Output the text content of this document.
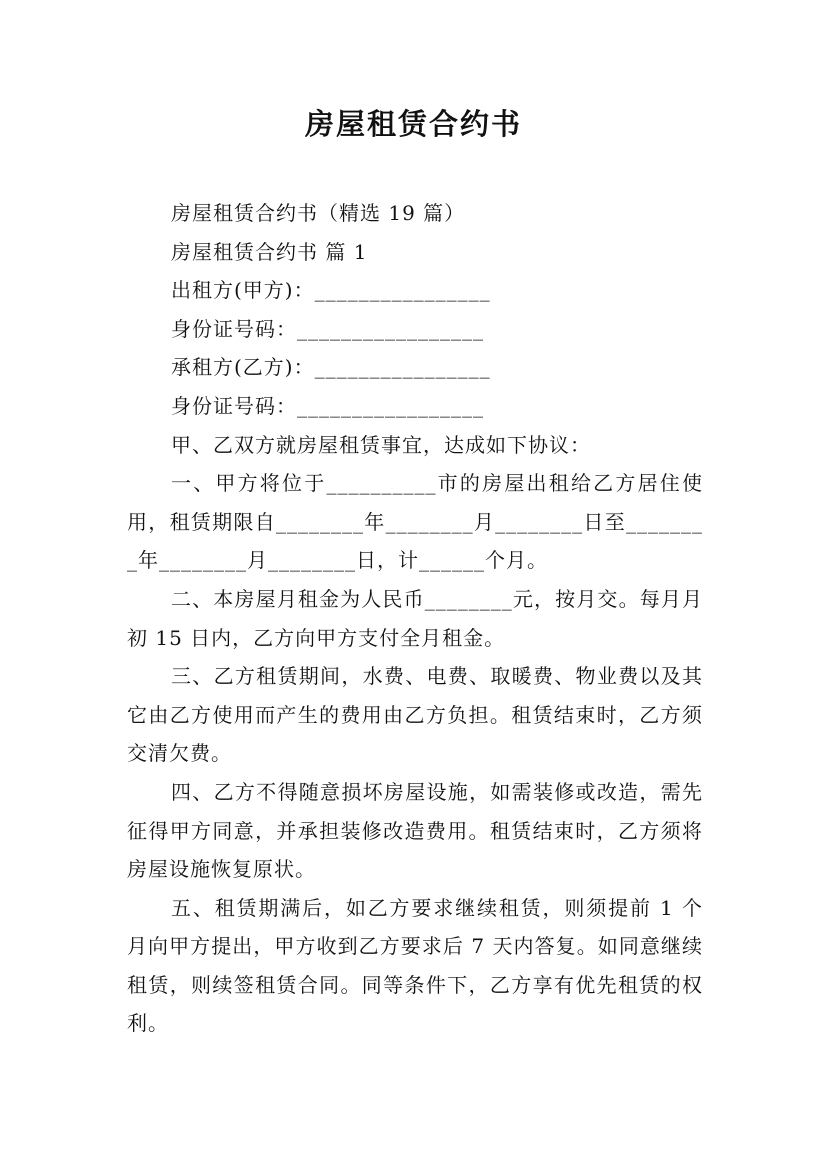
房屋租赁合约书

房屋租赁合约书（精选 19 篇）

房屋租赁合约书 篇 1

出租方(甲方)：________________

身份证号码：_________________

承租方(乙方)：________________

身份证号码：_________________

甲、乙双方就房屋租赁事宜，达成如下协议：

一、甲方将位于__________市的房屋出租给乙方居住使用，租赁期限自________年________月________日至________年________月________日，计______个月。

二、本房屋月租金为人民币________元，按月交。每月月初 15 日内，乙方向甲方支付全月租金。

三、乙方租赁期间，水费、电费、取暖费、物业费以及其它由乙方使用而产生的费用由乙方负担。租赁结束时，乙方须交清欠费。

四、乙方不得随意损坏房屋设施，如需装修或改造，需先征得甲方同意，并承担装修改造费用。租赁结束时，乙方须将房屋设施恢复原状。

五、租赁期满后，如乙方要求继续租赁，则须提前 1 个月向甲方提出，甲方收到乙方要求后 7 天内答复。如同意继续租赁，则续签租赁合同。同等条件下，乙方享有优先租赁的权利。
